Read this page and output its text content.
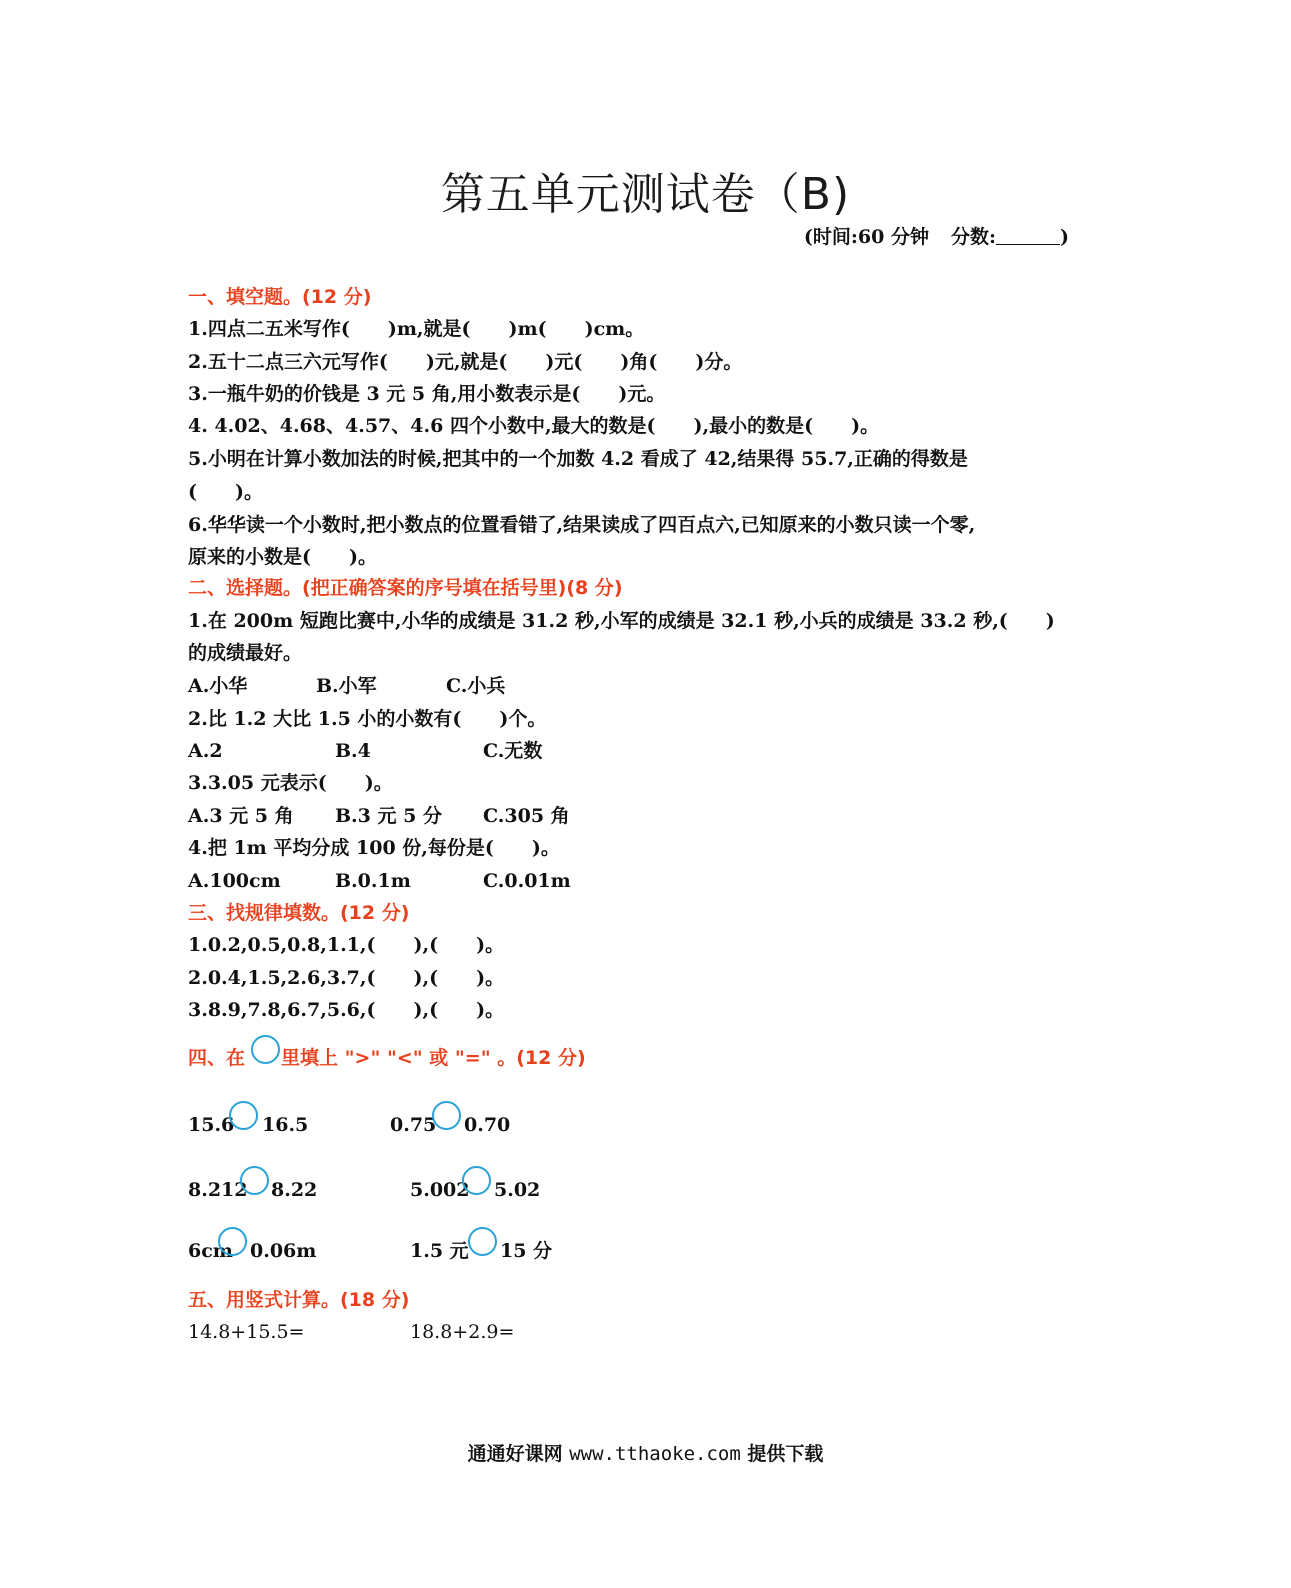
第五单元测试卷（B)
(时间:60 分钟 分数:	)
一、填空题。(12 分)
1.四点二五米写作(　　)m,就是(　　)m(　　)cm。
2.五十二点三六元写作(　　)元,就是(　　)元(　　)角(　　)分。
3.一瓶牛奶的价钱是 3 元 5 角,用小数表示是(　　)元。
4. 4.02、4.68、4.57、4.6 四个小数中,最大的数是(　　),最小的数是(　　)。
5.小明在计算小数加法的时候,把其中的一个加数 4.2 看成了 42,结果得 55.7,正确的得数是
(　　)。
6.华华读一个小数时,把小数点的位置看错了,结果读成了四百点六,已知原来的小数只读一个零,
原来的小数是(　　)。
二、选择题。(把正确答案的序号填在括号里)(8 分)
1.在 200m 短跑比赛中,小华的成绩是 31.2 秒,小军的成绩是 32.1 秒,小兵的成绩是 33.2 秒,(　　)
的成绩最好。
A.小华	B.小军	C.小兵
2.比 1.2 大比 1.5 小的小数有(　　)个。
A.2	B.4	C.无数
3.3.05 元表示(　　)。
A.3 元 5 角 B.3 元 5 分 C.305 角
4.把 1m 平均分成 100 份,每份是(　　)。
A.100cm	B.0.1m	C.0.01m
三、找规律填数。(12 分)
1.0.2,0.5,0.8,1.1,(　　),(　　)。
2.0.4,1.5,2.6,3.7,(　　),(　　)。
3.8.9,7.8,6.7,5.6,(　　),(　　)。
四、在 里填上 ">" "<" 或 "=" 。(12 分)
15.6 16.5	0.75 0.70
8.212 8.22	5.002 5.02
6cm 0.06m	1.5 元 15 分
五、用竖式计算。(18 分)
14.8+15.5=	18.8+2.9=
通通好课网 www.tthaoke.com 提供下载
